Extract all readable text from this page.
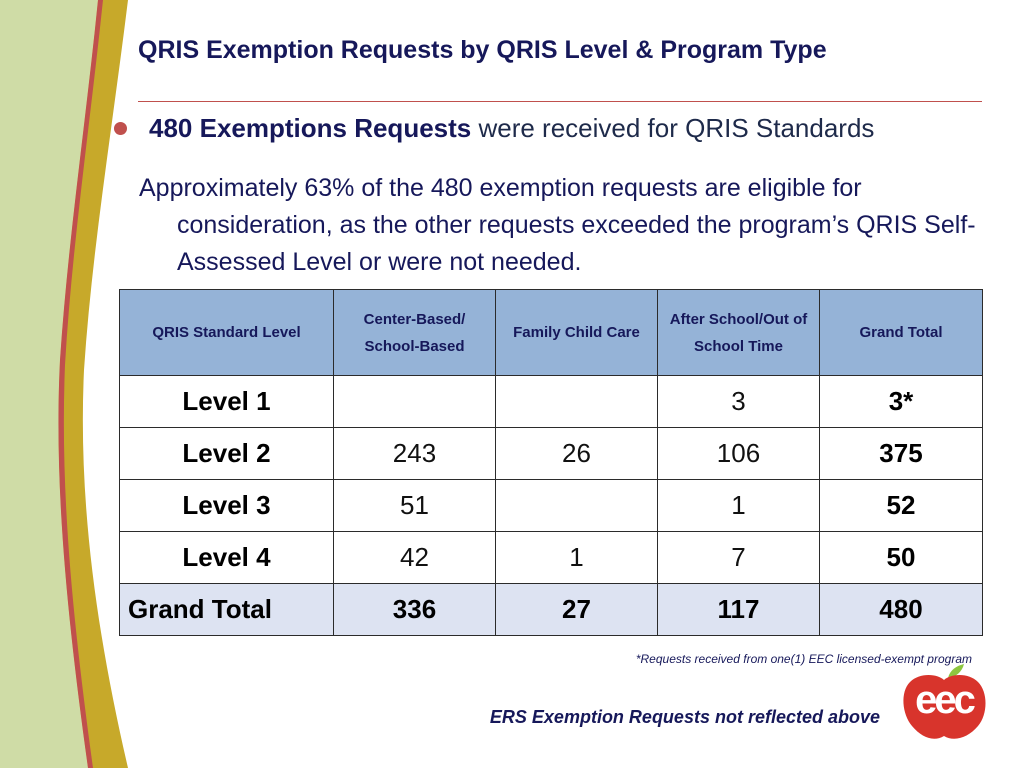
QRIS Exemption Requests by QRIS Level & Program Type
480 Exemptions Requests were received for QRIS Standards
Approximately 63% of the 480 exemption requests are eligible for consideration, as the other requests exceeded the program’s QRIS Self-Assessed Level or were not needed.
QRIS Standard Level	Center-Based/ School-Based	Family Child Care	After School/Out of School Time	Grand Total
Level 1			3	3*
Level 2	243	26	106	375
Level 3	51		1	52
Level 4	42	1	7	50
Grand Total	336	27	117	480
*Requests received from one(1) EEC licensed-exempt program
ERS Exemption Requests not reflected above eec
